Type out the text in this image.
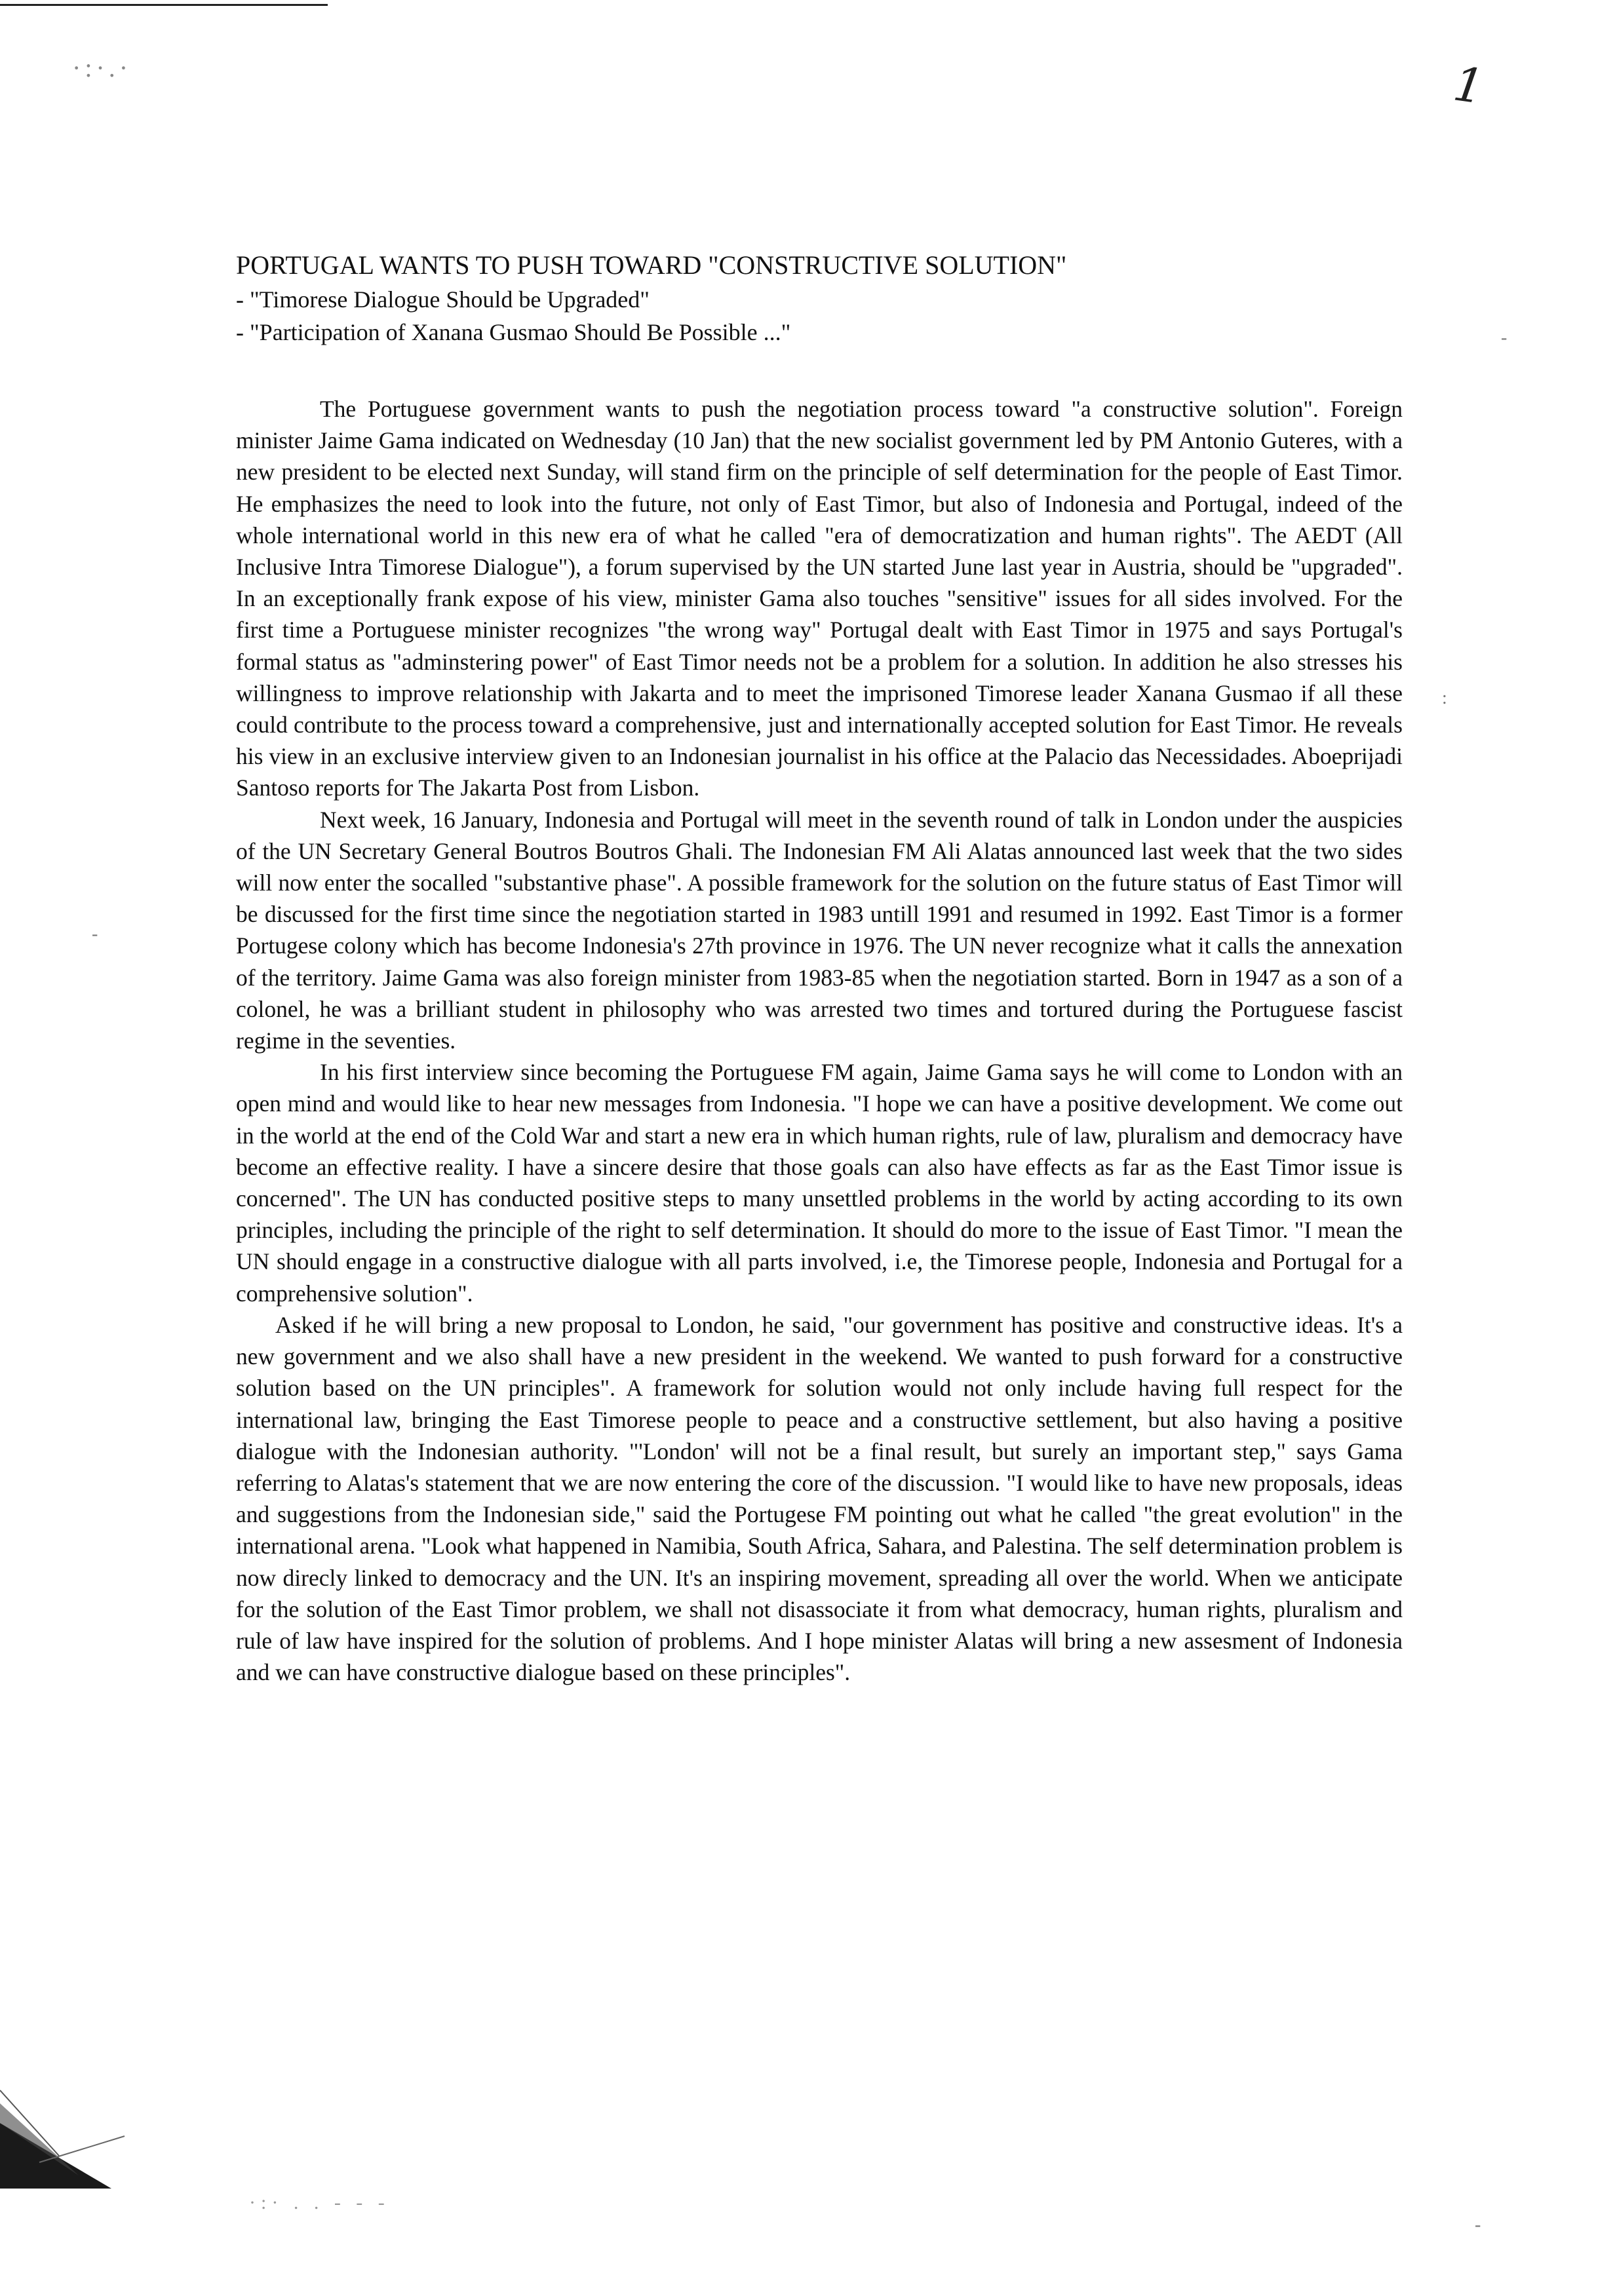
·:·.·	1
PORTUGAL WANTS TO PUSH TOWARD "CONSTRUCTIVE SOLUTION"
- "Timorese Dialogue Should be Upgraded"
- "Participation of Xanana Gusmao Should Be Possible ..."

The Portuguese government wants to push the negotiation process toward "a constructive solution". Foreign minister Jaime Gama indicated on Wednesday (10 Jan) that the new socialist government led by PM Antonio Guteres, with a new president to be elected next Sunday, will stand firm on the principle of self determination for the people of East Timor. He emphasizes the need to look into the future, not only of East Timor, but also of Indonesia and Portugal, indeed of the whole international world in this new era of what he called "era of democratization and human rights". The AEDT (All Inclusive Intra Timorese Dialogue"), a forum supervised by the UN started June last year in Austria, should be "upgraded". In an exceptionally frank expose of his view, minister Gama also touches "sensitive" issues for all sides involved. For the first time a Portuguese minister recognizes "the wrong way" Portugal dealt with East Timor in 1975 and says Portugal's formal status as "adminstering power" of East Timor needs not be a problem for a solution. In addition he also stresses his willingness to improve relationship with Jakarta and to meet the imprisoned Timorese leader Xanana Gusmao if all these could contribute to the process toward a comprehensive, just and internationally accepted solution for East Timor. He reveals his view in an exclusive interview given to an Indonesian journalist in his office at the Palacio das Necessidades. Aboeprijadi Santoso reports for The Jakarta Post from Lisbon.

Next week, 16 January, Indonesia and Portugal will meet in the seventh round of talk in London under the auspicies of the UN Secretary General Boutros Boutros Ghali. The Indonesian FM Ali Alatas announced last week that the two sides will now enter the socalled "substantive phase". A possible framework for the solution on the future status of East Timor will be discussed for the first time since the negotiation started in 1983 untill 1991 and resumed in 1992. East Timor is a former Portugese colony which has become Indonesia's 27th province in 1976. The UN never recognize what it calls the annexation of the territory. Jaime Gama was also foreign minister from 1983-85 when the negotiation started. Born in 1947 as a son of a colonel, he was a brilliant student in philosophy who was arrested two times and tortured during the Portuguese fascist regime in the seventies.

In his first interview since becoming the Portuguese FM again, Jaime Gama says he will come to London with an open mind and would like to hear new messages from Indonesia. "I hope we can have a positive development. We come out in the world at the end of the Cold War and start a new era in which human rights, rule of law, pluralism and democracy have become an effective reality. I have a sincere desire that those goals can also have effects as far as the East Timor issue is concerned". The UN has conducted positive steps to many unsettled problems in the world by acting according to its own principles, including the principle of the right to self determination. It should do more to the issue of East Timor. "I mean the UN should engage in a constructive dialogue with all parts involved, i.e, the Timorese people, Indonesia and Portugal for a comprehensive solution".

Asked if he will bring a new proposal to London, he said, "our government has positive and constructive ideas. It's a new government and we also shall have a new president in the weekend. We wanted to push forward for a constructive solution based on the UN principles". A framework for solution would not only include having full respect for the international law, bringing the East Timorese people to peace and a constructive settlement, but also having a positive dialogue with the Indonesian authority. "'London' will not be a final result, but surely an important step," says Gama referring to Alatas's statement that we are now entering the core of the discussion. "I would like to have new proposals, ideas and suggestions from the Indonesian side," said the Portugese FM pointing out what he called "the great evolution" in the international arena. "Look what happened in Namibia, South Africa, Sahara, and Palestina. The self determination problem is now direcly linked to democracy and the UN. It's an inspiring movement, spreading all over the world. When we anticipate for the solution of the East Timor problem, we shall not disassociate it from what democracy, human rights, pluralism and rule of law have inspired for the solution of problems. And I hope minister Alatas will bring a new assesment of Indonesia and we can have constructive dialogue based on these principles".

-
:
-
-
·:· . . - - -
